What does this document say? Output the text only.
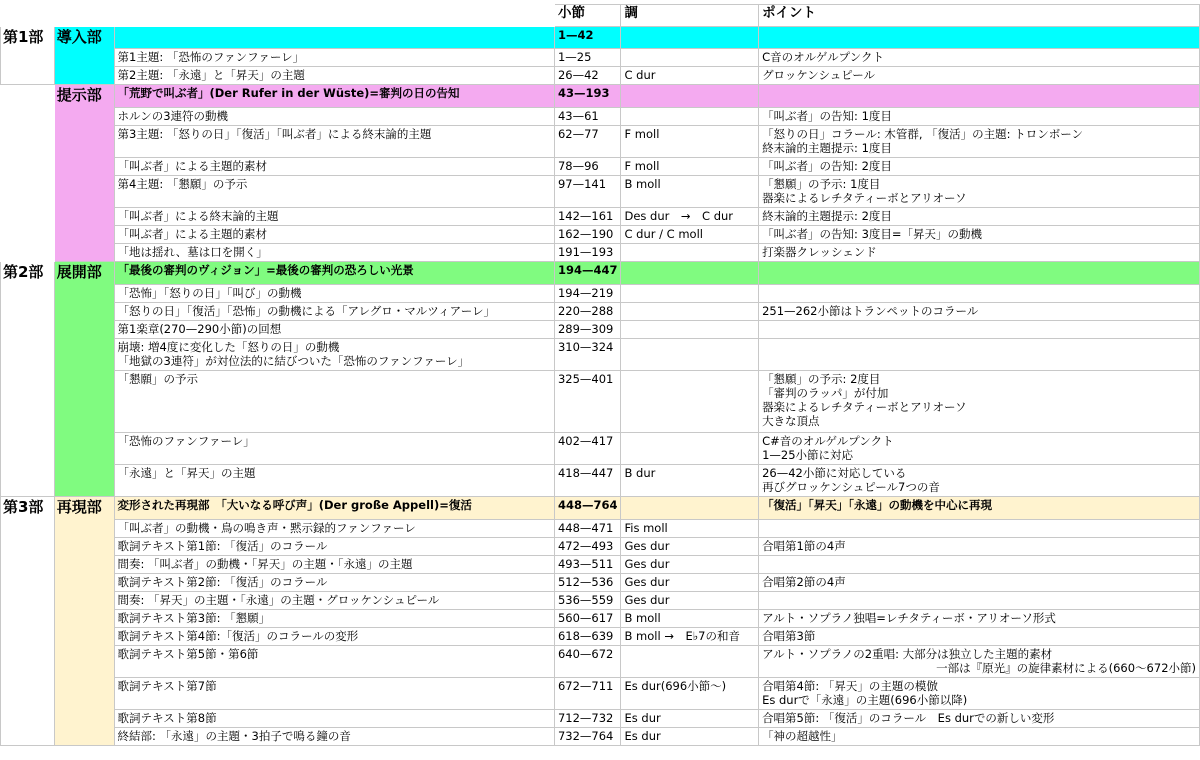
			小節	調	ポイント
第1部	導入部		1—42		
		第1主題: 「恐怖のファンファーレ」	1—25		C音のオルゲルプンクト
		第2主題: 「永遠」と「昇天」の主題	26—42	C dur	グロッケンシュピール
	提示部	「荒野で叫ぶ者」(Der Rufer in der Wüste)=審判の日の告知	43—193		
		ホルンの3連符の動機	43—61		「叫ぶ者」の告知: 1度目
		第3主題: 「怒りの日」「復活」「叫ぶ者」による終末論的主題	62—77	F moll	「怒りの日」コラール: 木管群, 「復活」の主題: トロンボーン
終末論的主題提示: 1度目

		「叫ぶ者」による主題的素材	78—96	F moll	「叫ぶ者」の告知: 2度目
		第4主題: 「懇願」の予示	97—141	B moll	「懇願」の予示: 1度目
器楽によるレチタティーボとアリオーソ

		「叫ぶ者」による終末論的主題	142—161	Des dur　→　C dur	終末論的主題提示: 2度目
		「叫ぶ者」による主題的素材	162—190	C dur / C moll	「叫ぶ者」の告知: 3度目=「昇天」の動機
		「地は揺れ、墓は口を開く」	191—193		打楽器クレッシェンド
第2部	展開部	「最後の審判のヴィジョン」=最後の審判の恐ろしい光景	194—447		
		「恐怖」「怒りの日」「叫び」の動機	194—219		
		「怒りの日」「復活」「恐怖」の動機による「アレグロ・マルツィアーレ」	220—288		251—262小節はトランペットのコラール
		第1楽章(270—290小節)の回想	289—309		

		崩壊: 増4度に変化した「怒りの日」の動機
「地獄の3連符」が対位法的に結びついた「恐怖のファンファーレ」	310—324		
		「懇願」の予示	325—401		「懇願」の予示: 2度目
「審判のラッパ」が付加
器楽によるレチタティーボとアリオーソ
大きな頂点

		「恐怖のファンファーレ」	402—417		C#音のオルゲルプンクト
1—25小節に対応

		「永遠」と「昇天」の主題	418—447	B dur	26—42小節に対応している
再びグロッケンシュピール7つの音

第3部	再現部	変形された再現部　「大いなる呼び声」(Der große Appell)=復活	448—764		「復活」「昇天」「永遠」の動機を中心に再現
		「叫ぶ者」の動機・鳥の鳴き声・黙示録的ファンファーレ	448—471	Fis moll	
		歌詞テキスト第1節: 「復活」のコラール	472—493	Ges dur	合唱第1節の4声
		間奏: 「叫ぶ者」の動機・「昇天」の主題・「永遠」の主題	493—511	Ges dur	
		歌詞テキスト第2節: 「復活」のコラール	512—536	Ges dur	合唱第2節の4声
		間奏: 「昇天」の主題・「永遠」の主題・グロッケンシュピール	536—559	Ges dur	
		歌詞テキスト第3節: 「懇願」	560—617	B moll	アルト・ソプラノ独唱=レチタティーボ・アリオーソ形式
		歌詞テキスト第4節:「復活」のコラールの変形	618—639	B moll →　E♭7の和音	合唱第3節
		歌詞テキスト第5節・第6節	640—672		アルト・ソプラノの2重唱: 大部分は独立した主題的素材
一部は『原光』の旋律素材による(660〜672小節)

		歌詞テキスト第7節	672—711	Es dur(696小節〜)	合唱第4節: 「昇天」の主題の模倣
Es durで「永遠」の主題(696小節以降)

		歌詞テキスト第8節	712—732	Es dur	合唱第5節: 「復活」のコラール　Es durでの新しい変形
		終結部: 「永遠」の主題・3拍子で鳴る鐘の音	732—764	Es dur	「神の超越性」
